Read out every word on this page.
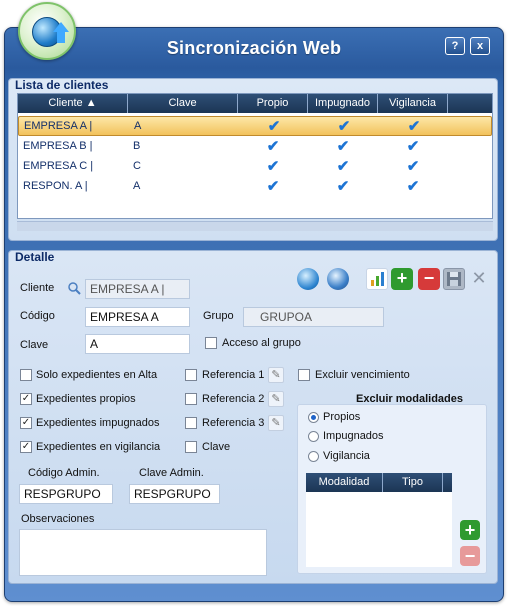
Sincronización Web	?	x
Lista de clientes
Cliente ▲	Clave	Propio	Impugnado	Vigilancia
EMPRESA A |	A	✔	✔	✔
EMPRESA B |	B	✔	✔	✔
EMPRESA C |	C	✔	✔	✔
RESPON. A |	A	✔	✔	✔
Detalle
+ −	✕
Cliente	EMPRESA A |
Código	EMPRESA A	Grupo	GRUPOA
Clave	A	Acceso al grupo
Solo expedientes en Alta
✓ Expedientes propios
✓ Expedientes impugnados
✓ Expedientes en vigilancia
Referencia 1 ✎
Referencia 2 ✎
Referencia 3 ✎
Clave
Excluir vencimiento
Código Admin.
RESPGRUPO
Clave Admin.
RESPGRUPO
Observaciones
Excluir modalidades
Propios
Impugnados
Vigilancia
Modalidad	Tipo
+
−
